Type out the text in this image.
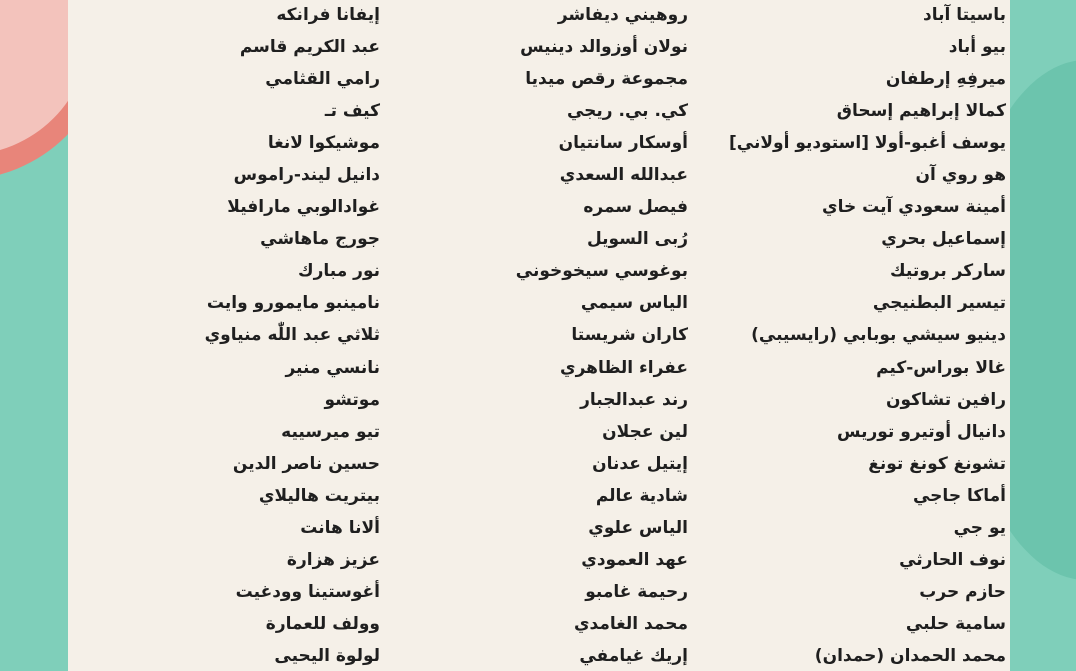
إيفانا فرانكه	روهيني ديفاشر	باسيتا آباد
عبد الكريم قاسم	نولان أوزوالد دينيس	بيو أباد
رامي القثامي	مجموعة رقص ميديا	ميرفِهِ إرطفان
كيف تـ	كي. بي. ريجي	كمالا إبراهيم إسحاق
موشيكوا لانغا	أوسكار سانتيان	يوسف أغبو-أولا [استوديو أولاني]
دانيل ليند-راموس	عبدالله السعدي	هو روي آن
غوادالوبي مارافيلا	فيصل سمره	أمينة سعودي آيت خاي
جورج ماهاشي	رُبى السويل	إسماعيل بحري
نور مبارك	بوغوسي سيخوخوني	ساركر بروتيك
نامينبو مايمورو وايت	الياس سيمي	تيسير البطنيجي
ثلاثي عبد اللّٰه منياوي	كاران شريستا	دينيو سيشي بوبابي (رايسيبي)
نانسي منير	عفراء الظاهري	غالا بوراس-كيم
موتشو	رند عبدالجبار	رافين تشاكون
تيو ميرسييه	لين عجلان	دانيال أوتيرو توريس
حسين ناصر الدين	إيتيل عدنان	تشونغ كونغ تونغ
بيتريت هاليلاي	شادية عالم	أماكا جاجي
ألانا هانت	الياس علوي	يو جي
عزيز هزارة	عهد العمودي	نوف الحارثي
أغوستينا وودغيت	رحيمة غامبو	حازم حرب
وولف للعمارة	محمد الغامدي	سامية حلبي
لولوة اليحيى	إريك غيامفي	محمد الحمدان (حمدان)
